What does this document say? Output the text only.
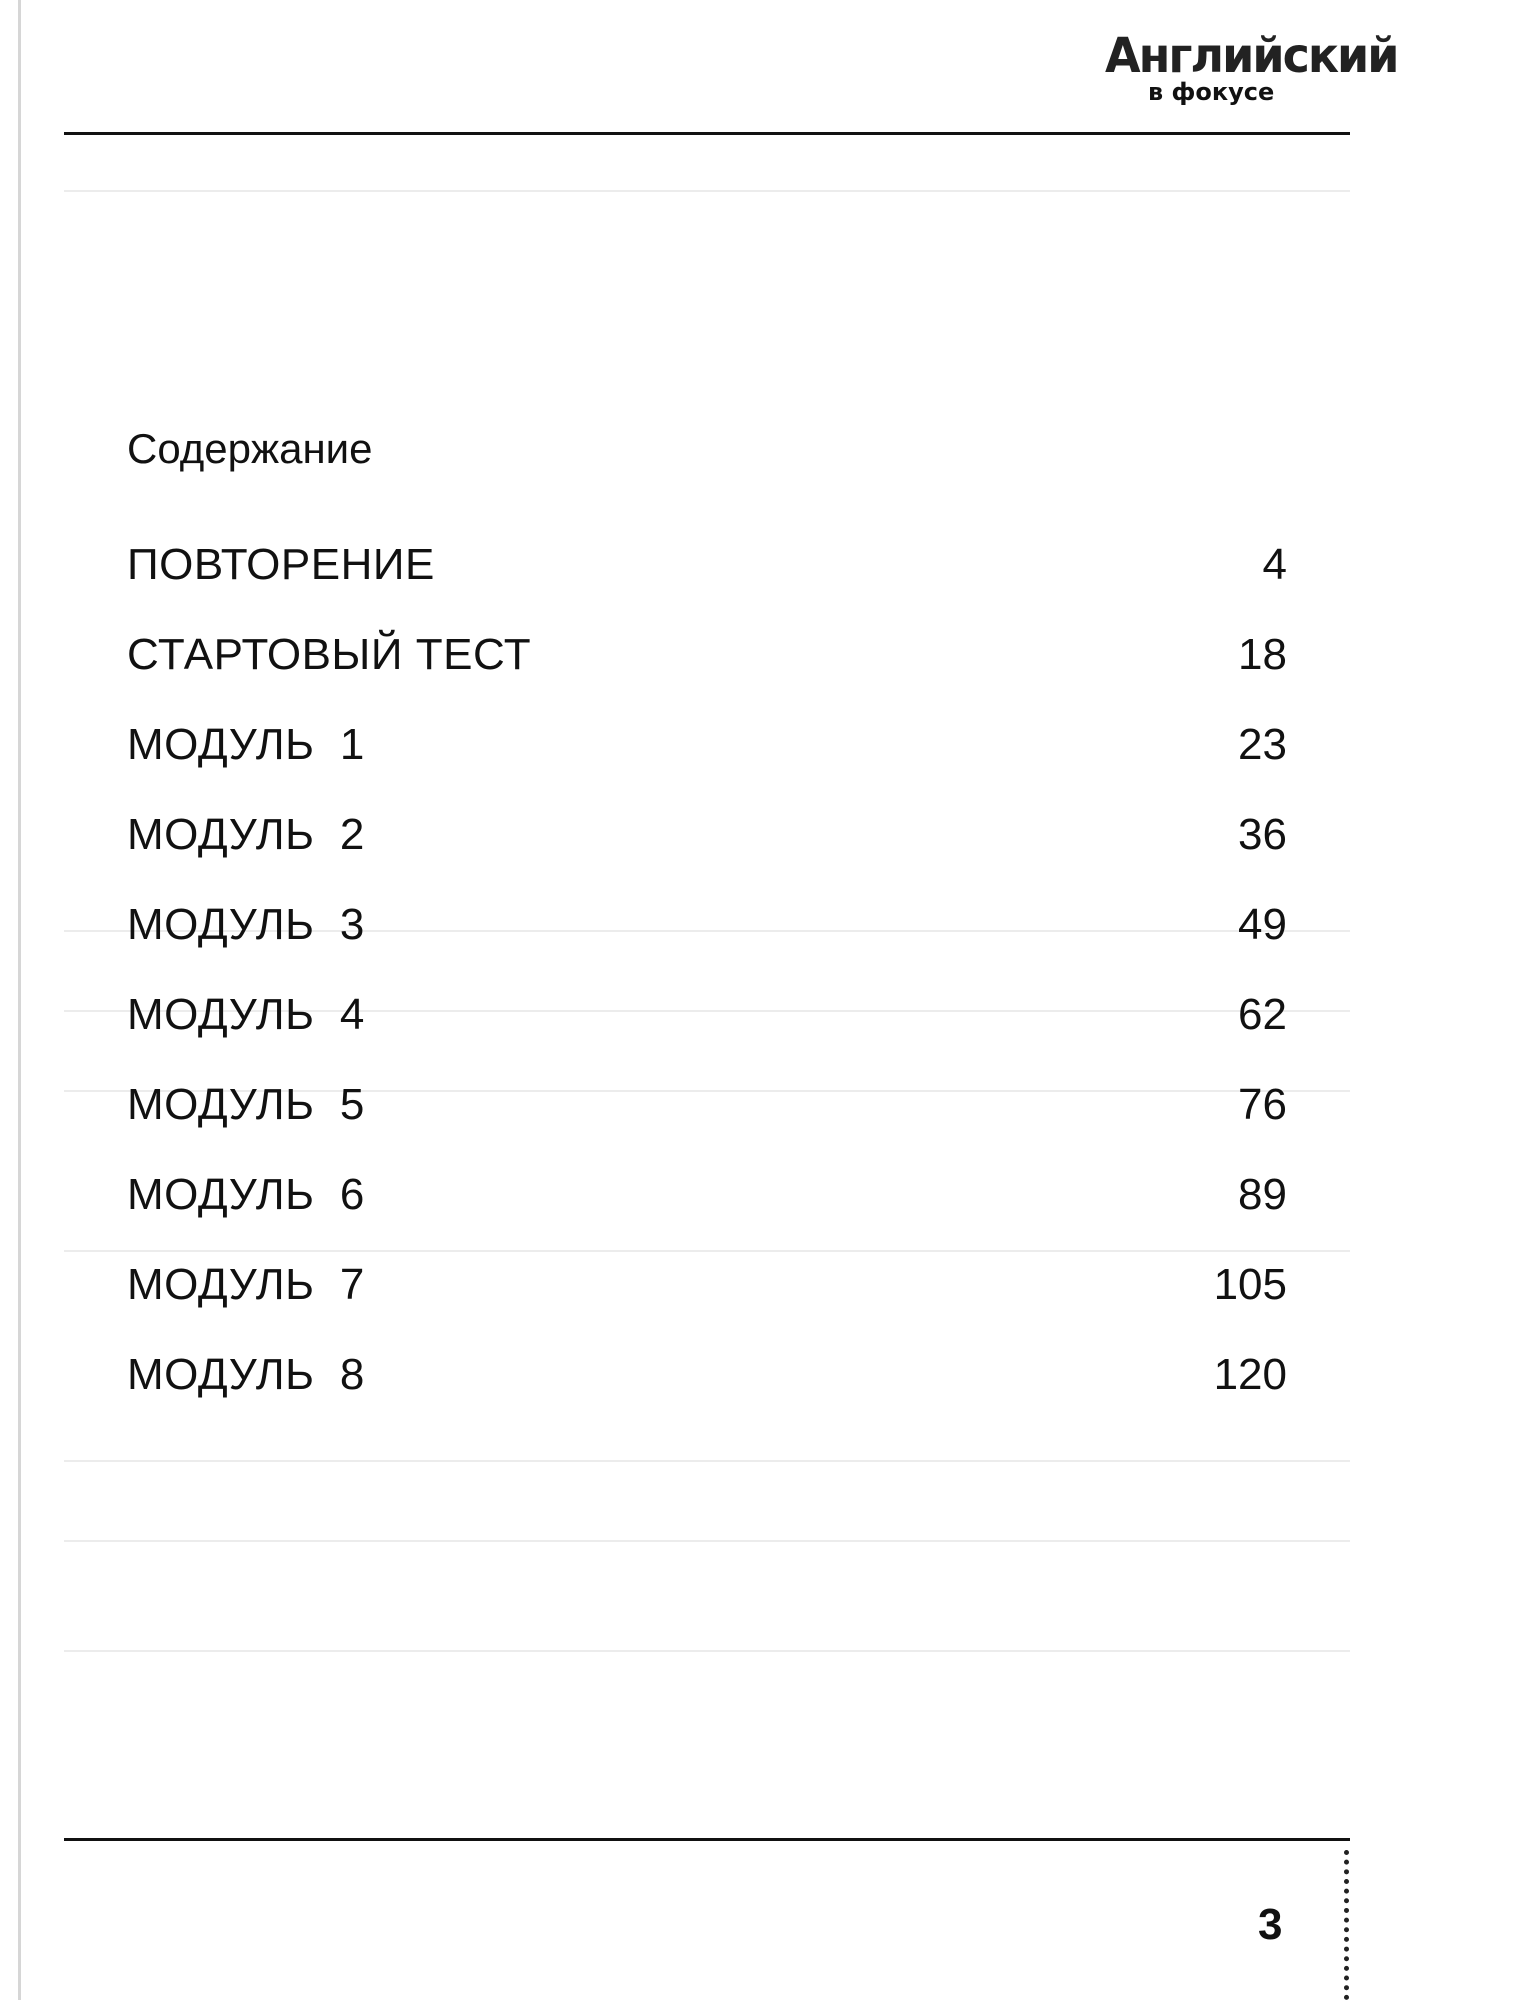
Английский
в фокусе
Содержание
ПОВТОРЕНИЕ	4
СТАРТОВЫЙ ТЕСТ	18
МОДУЛЬ  1	23
МОДУЛЬ  2	36
МОДУЛЬ  3	49
МОДУЛЬ  4	62
МОДУЛЬ  5	76
МОДУЛЬ  6	89
МОДУЛЬ  7	105
МОДУЛЬ  8	120
3
